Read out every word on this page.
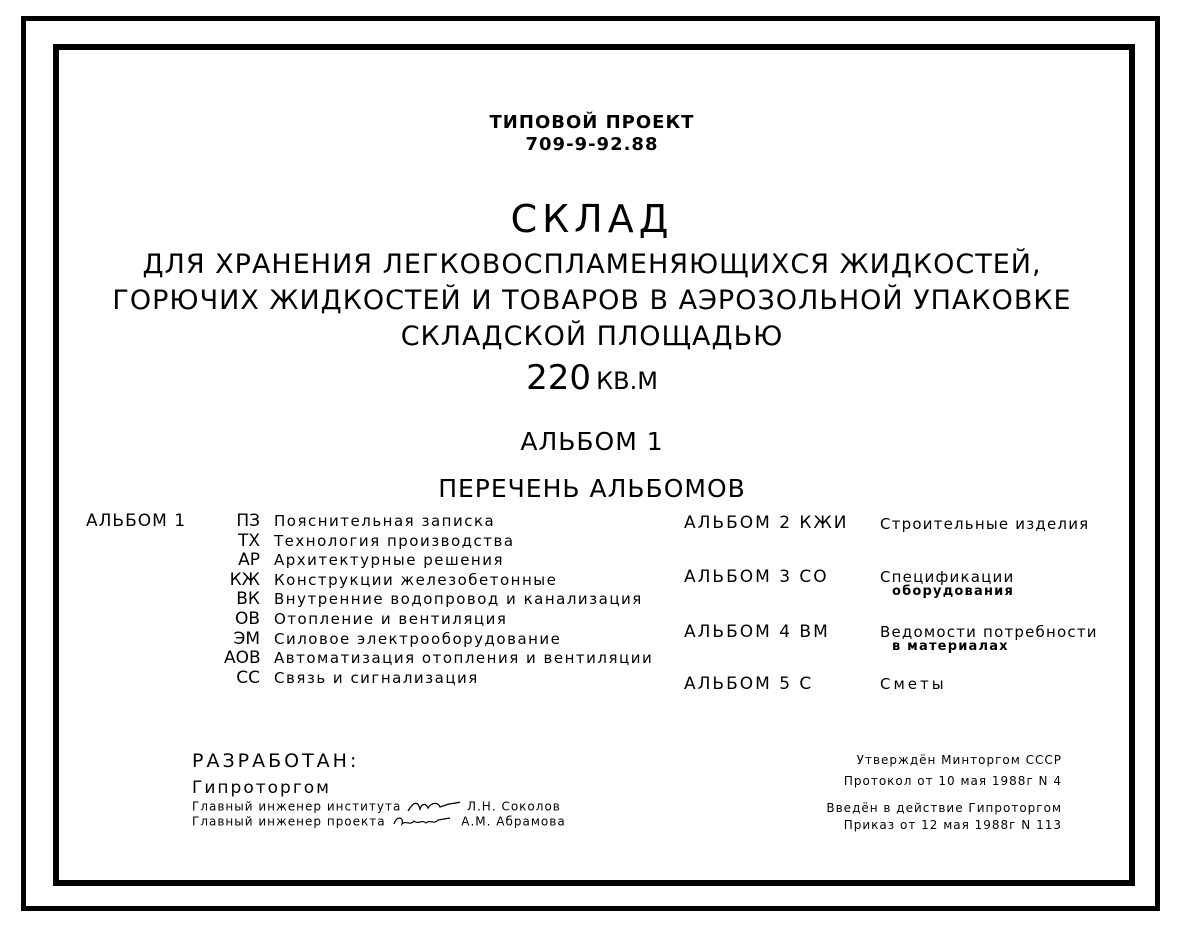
ТИПОВОЙ ПРОЕКТ
709-9-92.88
СКЛАД
ДЛЯ ХРАНЕНИЯ ЛЕГКОВОСПЛАМЕНЯЮЩИХСЯ ЖИДКОСТЕЙ,
ГОРЮЧИХ ЖИДКОСТЕЙ И ТОВАРОВ В АЭРОЗОЛЬНОЙ УПАКОВКЕ
СКЛАДСКОЙ ПЛОЩАДЬЮ
220 КВ.М
АЛЬБОМ 1
ПЕРЕЧЕНЬ АЛЬБОМОВ
АЛЬБОМ 1	ПЗ Пояснительная записка
ТХ Технология производства
АР Архитектурные решения
КЖ Конструкции железобетонные
ВК Внутренние водопровод и канализация
ОВ Отопление и вентиляция
ЭМ Силовое электрооборудование
АОВ Автоматизация отопления и вентиляции
СС Связь и сигнализация
АЛЬБОМ 2 КЖИ Строительные изделия
АЛЬБОМ 3 СО	Спецификации
оборудования
АЛЬБОМ 4 ВМ	Ведомости потребности
в материалах
АЛЬБОМ 5 С	Сметы
РАЗРАБОТАН:
Гипроторгом
Главный инженер института	Л.Н. Соколов
Главный инженер проекта	А.М. Абрамова
Утверждён Минторгом СССР
Протокол от 10 мая 1988г N 4
Введён в действие Гипроторгом
Приказ от 12 мая 1988г N 113
